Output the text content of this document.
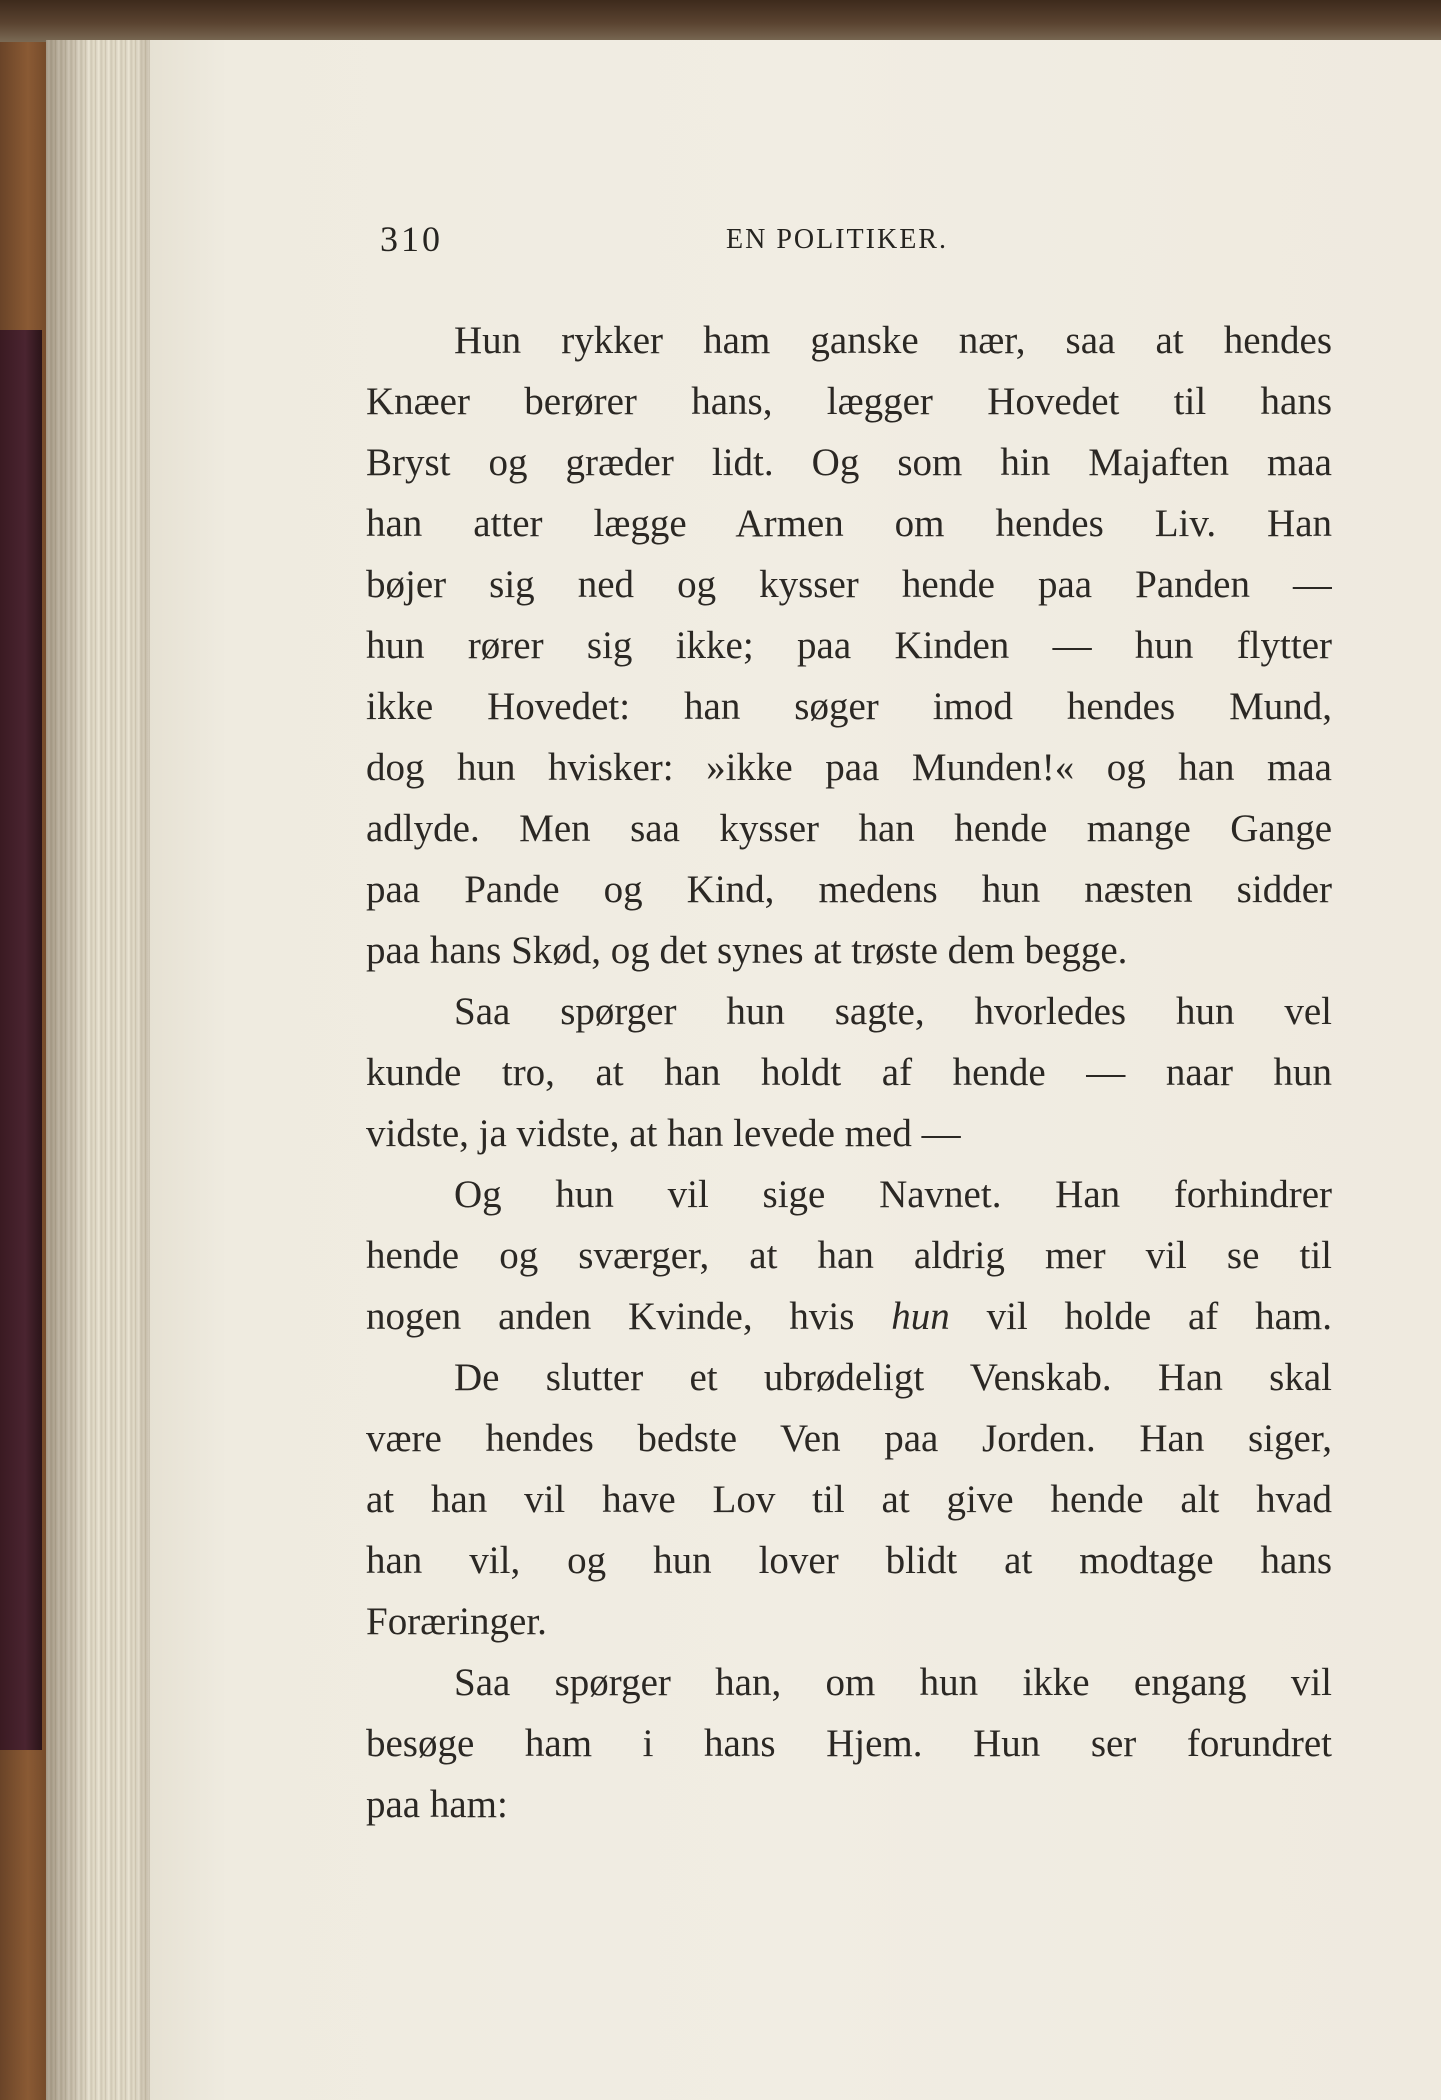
310	EN POLITIKER.
Hun rykker ham ganske nær, saa at hendes
Knæer berører hans, lægger Hovedet til hans
Bryst og græder lidt. Og som hin Majaften maa
han atter lægge Armen om hendes Liv. Han
bøjer sig ned og kysser hende paa Panden —
hun rører sig ikke; paa Kinden — hun flytter
ikke Hovedet: han søger imod hendes Mund,
dog hun hvisker: »ikke paa Munden!« og han maa
adlyde. Men saa kysser han hende mange Gange
paa Pande og Kind, medens hun næsten sidder
paa hans Skød, og det synes at trøste dem begge.
Saa spørger hun sagte, hvorledes hun vel
kunde tro, at han holdt af hende — naar hun
vidste, ja vidste, at han levede med —
Og hun vil sige Navnet. Han forhindrer
hende og sværger, at han aldrig mer vil se til
nogen anden Kvinde, hvis hun vil holde af ham.
De slutter et ubrødeligt Venskab. Han skal
være hendes bedste Ven paa Jorden. Han siger,
at han vil have Lov til at give hende alt hvad
han vil, og hun lover blidt at modtage hans
Foræringer.
Saa spørger han, om hun ikke engang vil
besøge ham i hans Hjem. Hun ser forundret
paa ham:
